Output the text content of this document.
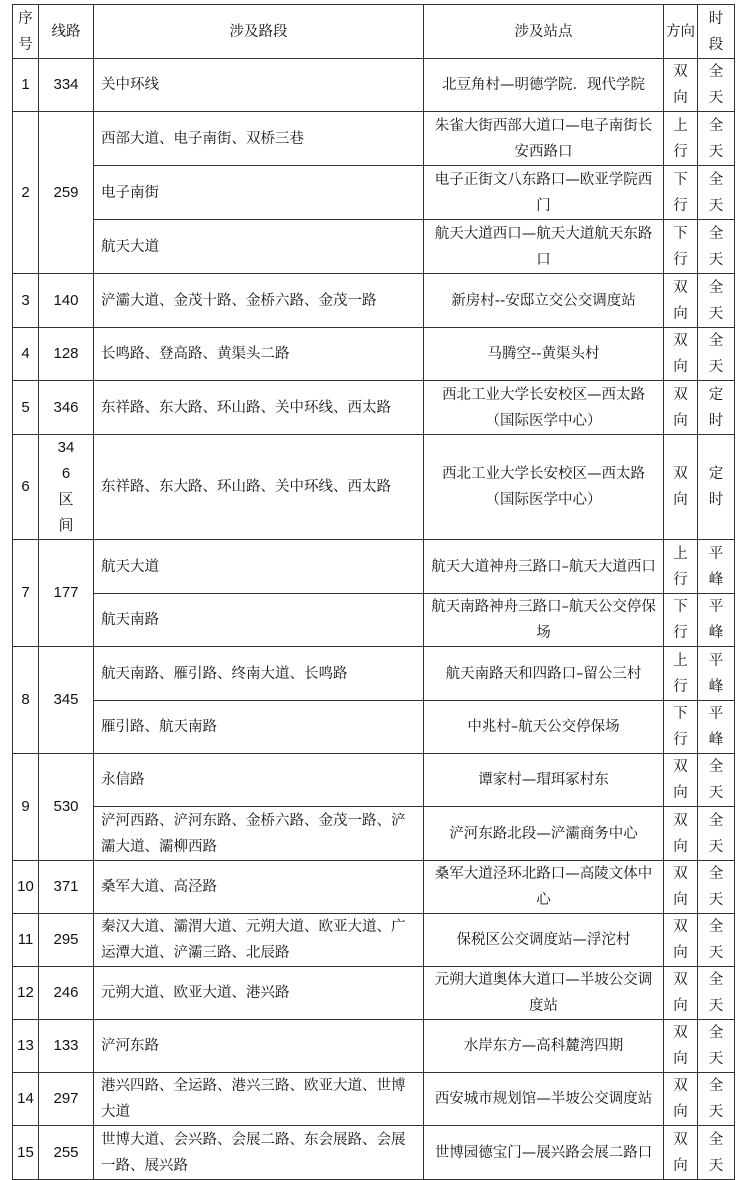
序号	线路	涉及路段	涉及站点	方向	时段
1	334	关中环线	北豆角村—明德学院．现代学院	双向	全天
2	259	西部大道、电子南街、双桥三巷	朱雀大街西部大道口—电子南街长安西路口	上行	全天
		电子南街	电子正街文八东路口—欧亚学院西门	下行	全天
		航天大道	航天大道西口—航天大道航天东路口	下行	全天
3	140	浐灞大道、金茂十路、金桥六路、金茂一路	新房村--安邸立交公交调度站	双向	全天
4	128	长鸣路、登高路、黄渠头二路	马腾空--黄渠头村	双向	全天
5	346	东祥路、东大路、环山路、关中环线、西太路	西北工业大学长安校区—西太路（国际医学中心）	双向	定时
6	346区间	东祥路、东大路、环山路、关中环线、西太路	西北工业大学长安校区—西太路（国际医学中心）	双向	定时
7	177	航天大道	航天大道神舟三路口–航天大道西口	上行	平峰
		航天南路	航天南路神舟三路口–航天公交停保场	下行	平峰
8	345	航天南路、雁引路、终南大道、长鸣路	航天南路天和四路口–留公三村	上行	平峰
		雁引路、航天南路	中兆村–航天公交停保场	下行	平峰
9	530	永信路	谭家村—瑁珥冢村东	双向	全天
		浐河西路、浐河东路、金桥六路、金茂一路、浐灞大道、灞柳西路	浐河东路北段—浐灞商务中心	双向	全天
10	371	桑军大道、高泾路	桑军大道泾环北路口—高陵文体中心	双向	全天
11	295	秦汉大道、灞渭大道、元朔大道、欧亚大道、广运潭大道、浐灞三路、北辰路	保税区公交调度站—浮沱村	双向	全天
12	246	元朔大道、欧亚大道、港兴路	元朔大道奥体大道口—半坡公交调度站	双向	全天
13	133	浐河东路	水岸东方—高科麓湾四期	双向	全天
14	297	港兴四路、全运路、港兴三路、欧亚大道、世博大道	西安城市规划馆—半坡公交调度站	双向	全天
15	255	世博大道、会兴路、会展二路、东会展路、会展一路、展兴路	世博园德宝门—展兴路会展二路口	双向	全天
